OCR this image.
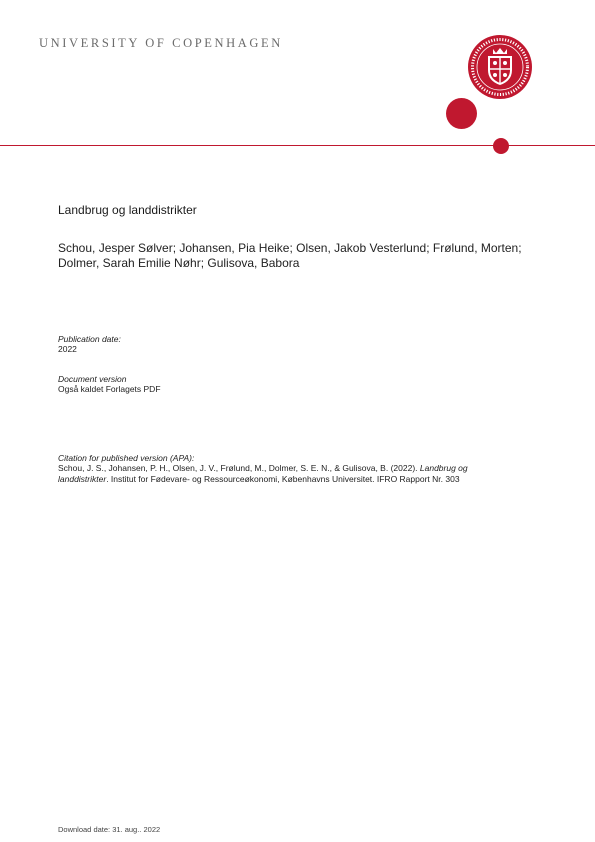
UNIVERSITY OF COPENHAGEN
Landbrug og landdistrikter
Schou, Jesper Sølver; Johansen, Pia Heike; Olsen, Jakob Vesterlund; Frølund, Morten;
Dolmer, Sarah Emilie Nøhr; Gulisova, Babora
Publication date:
2022
Document version
Også kaldet Forlagets PDF
Citation for published version (APA):
Schou, J. S., Johansen, P. H., Olsen, J. V., Frølund, M., Dolmer, S. E. N., & Gulisova, B. (2022). Landbrug og
landdistrikter. Institut for Fødevare- og Ressourceøkonomi, Københavns Universitet. IFRO Rapport Nr. 303
Download date: 31. aug.. 2022
